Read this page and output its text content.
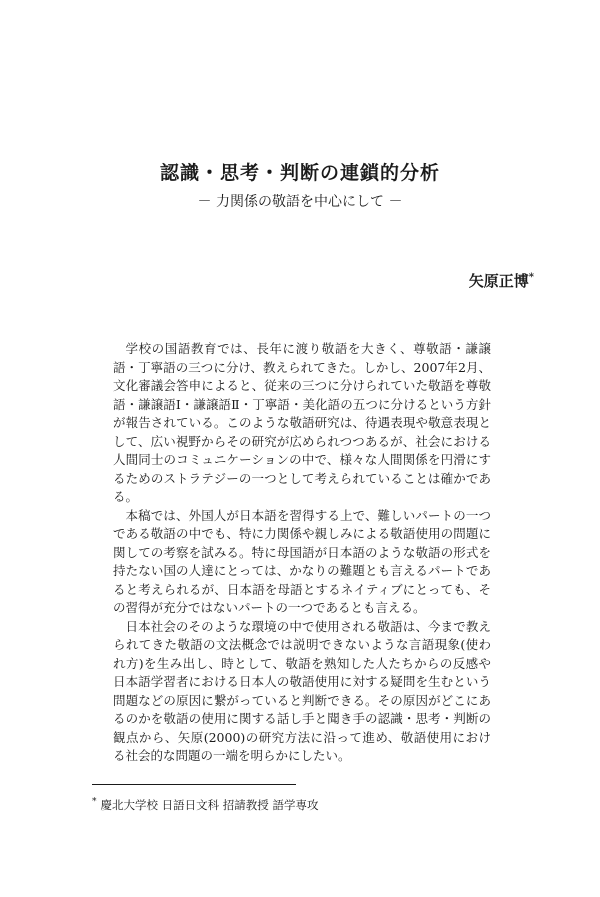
認識・思考・判断の連鎖的分析
－ 力関係の敬語を中心にして －
矢原正博*

学校の国語教育では、長年に渡り敬語を大きく、尊敬語・謙譲語・丁寧語の三つに分け、教えられてきた。しかし、2007年2月、文化審議会答申によると、従来の三つに分けられていた敬語を尊敬語・謙譲語Ⅰ・謙譲語Ⅱ・丁寧語・美化語の五つに分けるという方針が報告されている。このような敬語研究は、待遇表現や敬意表現として、広い視野からその研究が広められつつあるが、社会における人間同士のコミュニケーションの中で、様々な人間関係を円滑にするためのストラテジーの一つとして考えられていることは確かである。

本稿では、外国人が日本語を習得する上で、難しいパートの一つである敬語の中でも、特に力関係や親しみによる敬語使用の問題に関しての考察を試みる。特に母国語が日本語のような敬語の形式を持たない国の人達にとっては、かなりの難題とも言えるパートであると考えられるが、日本語を母語とするネイティブにとっても、その習得が充分ではないパートの一つであるとも言える。

日本社会のそのような環境の中で使用される敬語は、今まで教えられてきた敬語の文法概念では説明できないような言語現象(使われ方)を生み出し、時として、敬語を熟知した人たちからの反感や日本語学習者における日本人の敬語使用に対する疑問を生むという問題などの原因に繋がっていると判断できる。その原因がどこにあるのかを敬語の使用に関する話し手と聞き手の認識・思考・判断の観点から、矢原(2000)の研究方法に沿って進め、敬語使用における社会的な問題の一端を明らかにしたい。

* 慶北大学校 日語日文科 招請教授 語学専攻
